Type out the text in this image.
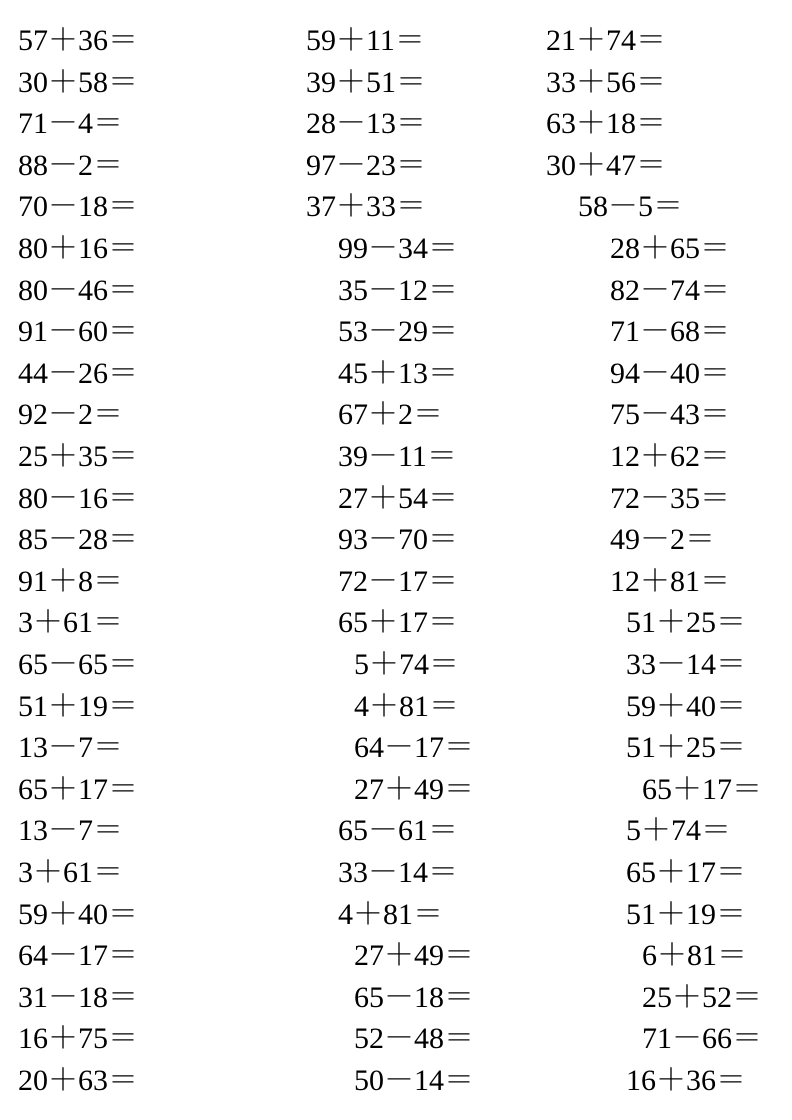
57＋36＝	59＋11＝	21＋74＝
30＋58＝	39＋51＝	33＋56＝
71－4＝	28－13＝	63＋18＝
88－2＝	97－23＝	30＋47＝
70－18＝	37＋33＝	58－5＝
80＋16＝	99－34＝	28＋65＝
80－46＝	35－12＝	82－74＝
91－60＝	53－29＝	71－68＝
44－26＝	45＋13＝	94－40＝
92－2＝	67＋2＝	75－43＝
25＋35＝	39－11＝	12＋62＝
80－16＝	27＋54＝	72－35＝
85－28＝	93－70＝	49－2＝
91＋8＝	72－17＝	12＋81＝
3＋61＝	65＋17＝	51＋25＝
65－65＝	5＋74＝	33－14＝
51＋19＝	4＋81＝	59＋40＝
13－7＝	64－17＝	51＋25＝
65＋17＝	27＋49＝	65＋17＝
13－7＝	65－61＝	5＋74＝
3＋61＝	33－14＝	65＋17＝
59＋40＝	4＋81＝	51＋19＝
64－17＝	27＋49＝	6＋81＝
31－18＝	65－18＝	25＋52＝
16＋75＝	52－48＝	71－66＝
20＋63＝	50－14＝	16＋36＝
